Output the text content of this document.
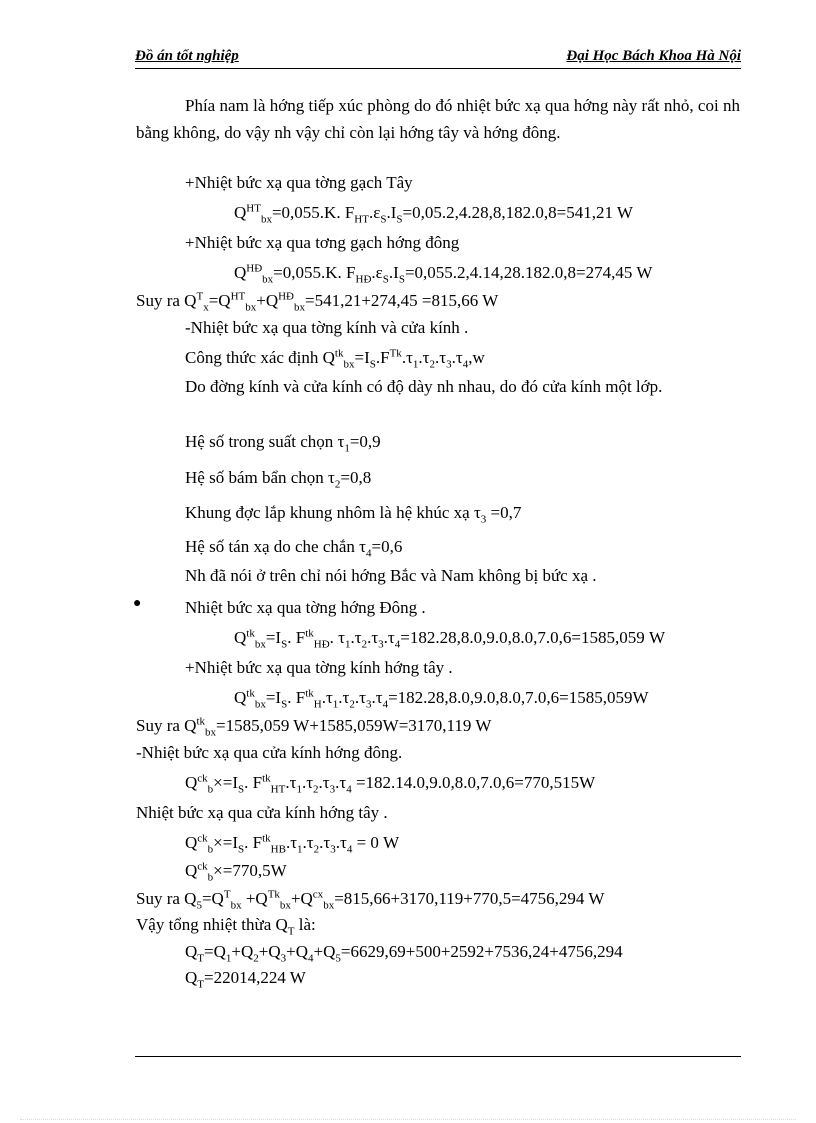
Đồ án tốt nghiệp	Đại Học Bách Khoa Hà Nội
Phía nam là hớng tiếp xúc phòng do đó nhiệt bức xạ qua hớng này rất nhỏ, coi nh bằng không, do vậy nh vậy chỉ còn lại hớng tây và hớng đông.
+Nhiệt bức xạ qua tờng gạch Tây
$Q^{HT}_{bx}=0,055.K$. $F_{HT}.\varepsilon_S.I_S=0,05.2,4.28,8,182.0,8=541,21$ W
+Nhiệt bức xạ qua tơng gạch hớng đông
$Q^{HĐ}_{bx}=0,055.K$. $F_{HĐ}.\varepsilon_S.I_S=0,055.2,4.14,28.182.0,8=274,45$ W
Suy ra $Q^T_x=Q^{HT}_{bx}+Q^{HĐ}_{bx}=541,21+274,45 =815,66$ W
-Nhiệt bức xạ qua tờng kính và cửa kính .
Công thức xác định $Q^{tk}_{bx}=I_S.F^{Tk}.\tau_1.\tau_2.\tau_3.\tau_4,w$
Do đờng kính và cửa kính có độ dày nh nhau, do đó cửa kính một lớp.
Hệ số trong suất chọn $\tau_1=0,9$
Hệ số bám bẩn chọn $\tau_2=0,8$
Khung đợc lắp khung nhôm là hệ khúc xạ $\tau_3 =0,7$
Hệ số tán xạ do che chắn $\tau_4=0,6$
Nh đã nói ở trên chỉ nói hớng Bắc và Nam không bị bức xạ .
●	Nhiệt bức xạ qua tờng hớng Đông .
$Q^{tk}_{bx}=I_S$. $F^{tk}_{HĐ}$. $\tau_1.\tau_2.\tau_3.\tau_4=182.28,8.0,9.0,8.0,7.0,6=1585,059$ W
+Nhiệt bức xạ qua tờng kính hớng tây .
$Q^{tk}_{bx}=I_S$. $F^{tk}_H.\tau_1.\tau_2.\tau_3.\tau_4=182.28,8.0,9.0,8.0,7.0,6=1585,059W$
Suy ra $Q^{tk}_{bx}=1585,059$ W+1585,059W=3170,119 W
-Nhiệt bức xạ qua cửa kính hớng đông.
$Q^{ck}_b\times=I_S$. $F^{tk}_{HT}.\tau_1.\tau_2.\tau_3.\tau_4 =182.14.0,9.0,8.0,7.0,6=770,515W$
Nhiệt bức xạ qua cửa kính hớng tây .
$Q^{ck}_b\times=I_S$. $F^{tk}_{HB}.\tau_1.\tau_2.\tau_3.\tau_4 = 0$ W
$Q^{ck}_b\times=770,5W$
Suy ra $Q_5=Q^T_{bx} +Q^{Tk}_{bx}+Q^{cx}_{bx}=815,66+3170,119+770,5=4756,294$ W
Vậy tổng nhiệt thừa $Q_T$ là:
$Q_T=Q_1+Q_2+Q_3+Q_4+Q_5=6629,69+500+2592+7536,24+4756,294$
$Q_T=22014,224$ W
